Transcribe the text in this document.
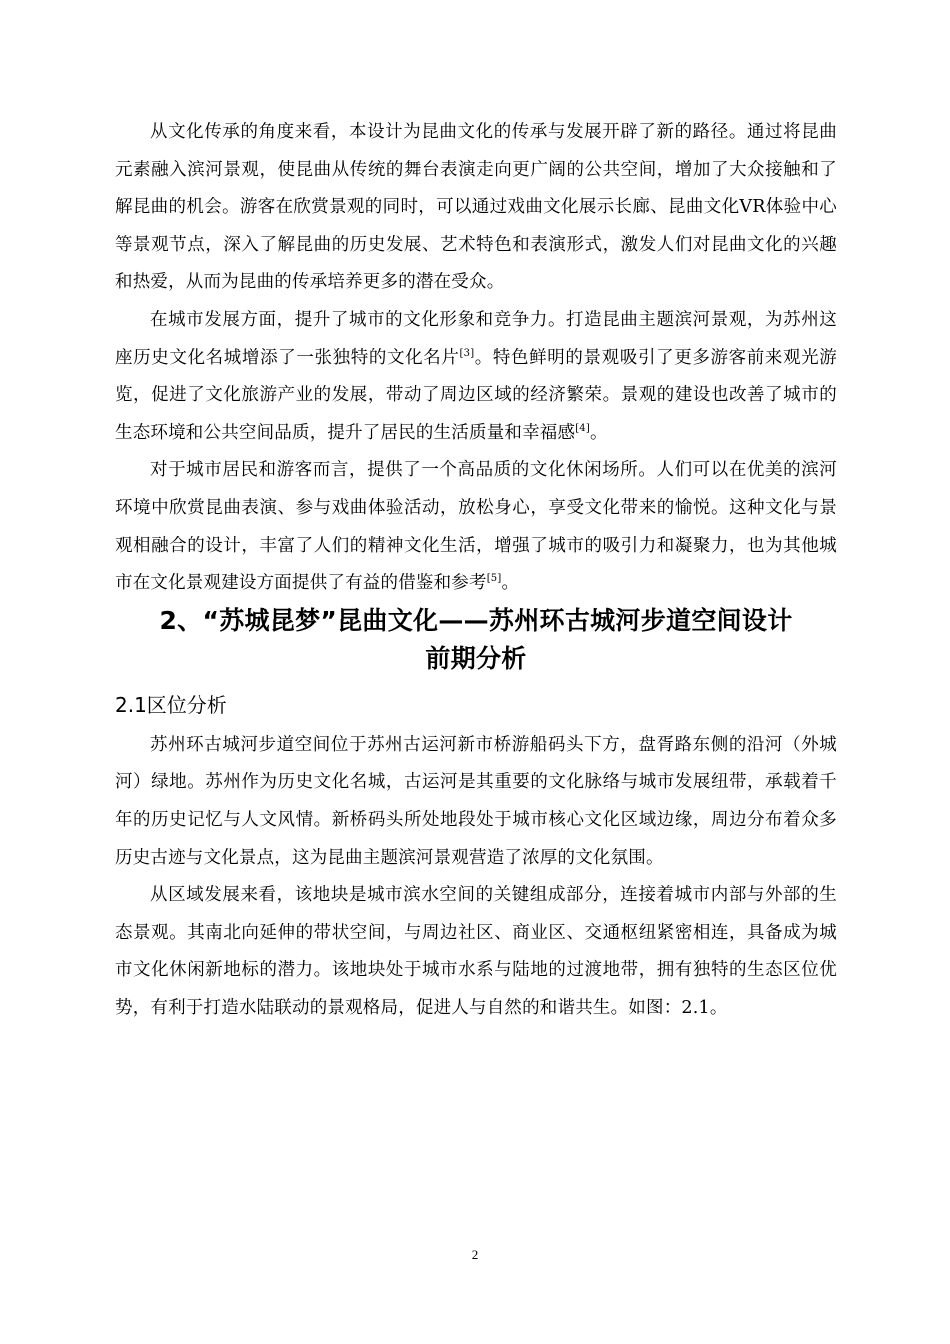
从文化传承的角度来看，本设计为昆曲文化的传承与发展开辟了新的路径。通过将昆曲元素融入滨河景观，使昆曲从传统的舞台表演走向更广阔的公共空间，增加了大众接触和了解昆曲的机会。游客在欣赏景观的同时，可以通过戏曲文化展示长廊、昆曲文化VR体验中心等景观节点，深入了解昆曲的历史发展、艺术特色和表演形式，激发人们对昆曲文化的兴趣和热爱，从而为昆曲的传承培养更多的潜在受众。

在城市发展方面，提升了城市的文化形象和竞争力。打造昆曲主题滨河景观，为苏州这座历史文化名城增添了一张独特的文化名片[3]。特色鲜明的景观吸引了更多游客前来观光游览，促进了文化旅游产业的发展，带动了周边区域的经济繁荣。景观的建设也改善了城市的生态环境和公共空间品质，提升了居民的生活质量和幸福感[4]。

对于城市居民和游客而言，提供了一个高品质的文化休闲场所。人们可以在优美的滨河环境中欣赏昆曲表演、参与戏曲体验活动，放松身心，享受文化带来的愉悦。这种文化与景观相融合的设计，丰富了人们的精神文化生活，增强了城市的吸引力和凝聚力，也为其他城市在文化景观建设方面提供了有益的借鉴和参考[5]。

2、“苏城昆梦”昆曲文化——苏州环古城河步道空间设计
前期分析
2.1区位分析

苏州环古城河步道空间位于苏州古运河新市桥游船码头下方，盘胥路东侧的沿河（外城河）绿地。苏州作为历史文化名城，古运河是其重要的文化脉络与城市发展纽带，承载着千年的历史记忆与人文风情。新桥码头所处地段处于城市核心文化区域边缘，周边分布着众多历史古迹与文化景点，这为昆曲主题滨河景观营造了浓厚的文化氛围。

从区域发展来看，该地块是城市滨水空间的关键组成部分，连接着城市内部与外部的生态景观。其南北向延伸的带状空间，与周边社区、商业区、交通枢纽紧密相连，具备成为城市文化休闲新地标的潜力。该地块处于城市水系与陆地的过渡地带，拥有独特的生态区位优势，有利于打造水陆联动的景观格局，促进人与自然的和谐共生。如图：2.1。

2
